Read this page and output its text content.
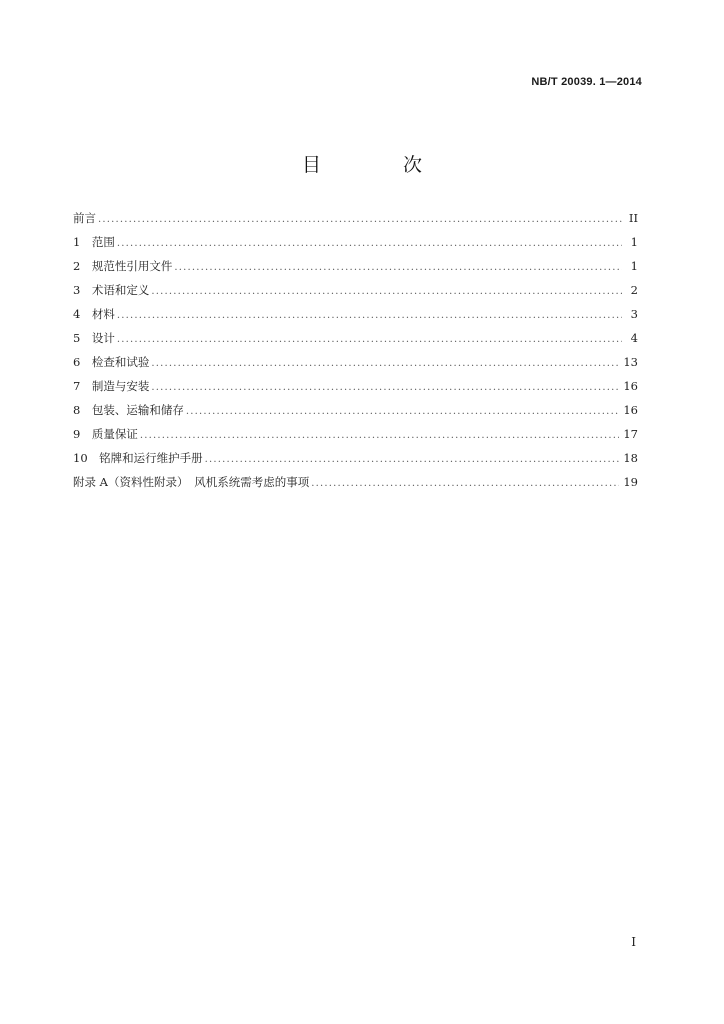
NB/T 20039. 1—2014
目 次
前言 .....	II
1　范围 .....	1
2　规范性引用文件 .....	1
3　术语和定义 .....	2
4　材料 .....	3
5　设计 .....	4
6　检查和试验 .....	13
7　制造与安装 .....	16
8　包装、运输和储存 .....	16
9　质量保证 .....	17
10　铭牌和运行维护手册 .....	18
附录 A（资料性附录）　风机系统需考虑的事项 .....	19
I
